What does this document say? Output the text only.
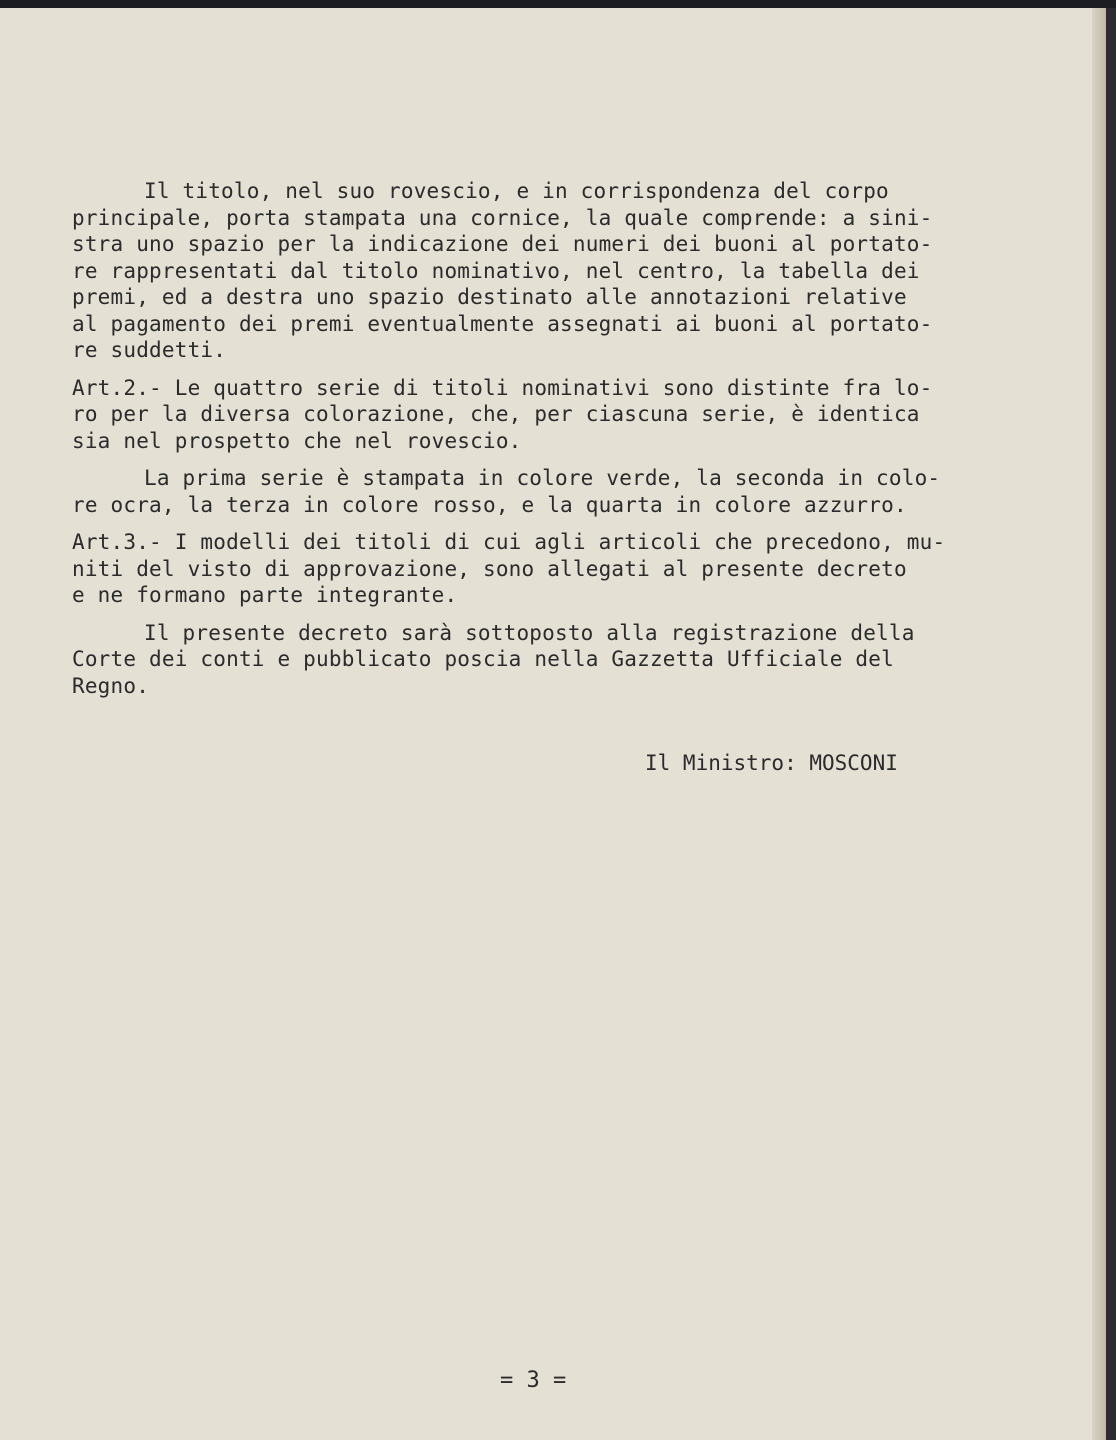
Il titolo, nel suo rovescio, e in corrispondenza del corpo
principale, porta stampata una cornice, la quale comprende: a sini-
stra uno spazio per la indicazione dei numeri dei buoni al portato-
re rappresentati dal titolo nominativo, nel centro, la tabella dei
premi, ed a destra uno spazio destinato alle annotazioni relative
al pagamento dei premi eventualmente assegnati ai buoni al portato-
re suddetti.
Art.2.- Le quattro serie di titoli nominativi sono distinte fra lo-
ro per la diversa colorazione, che, per ciascuna serie, è identica
sia nel prospetto che nel rovescio.
La prima serie è stampata in colore verde, la seconda in colo-
re ocra, la terza in colore rosso, e la quarta in colore azzurro.
Art.3.- I modelli dei titoli di cui agli articoli che precedono, mu-
niti del visto di approvazione, sono allegati al presente decreto
e ne formano parte integrante.
Il presente decreto sarà sottoposto alla registrazione della
Corte dei conti e pubblicato poscia nella Gazzetta Ufficiale del
Regno.
Il Ministro: MOSCONI
= 3 =
